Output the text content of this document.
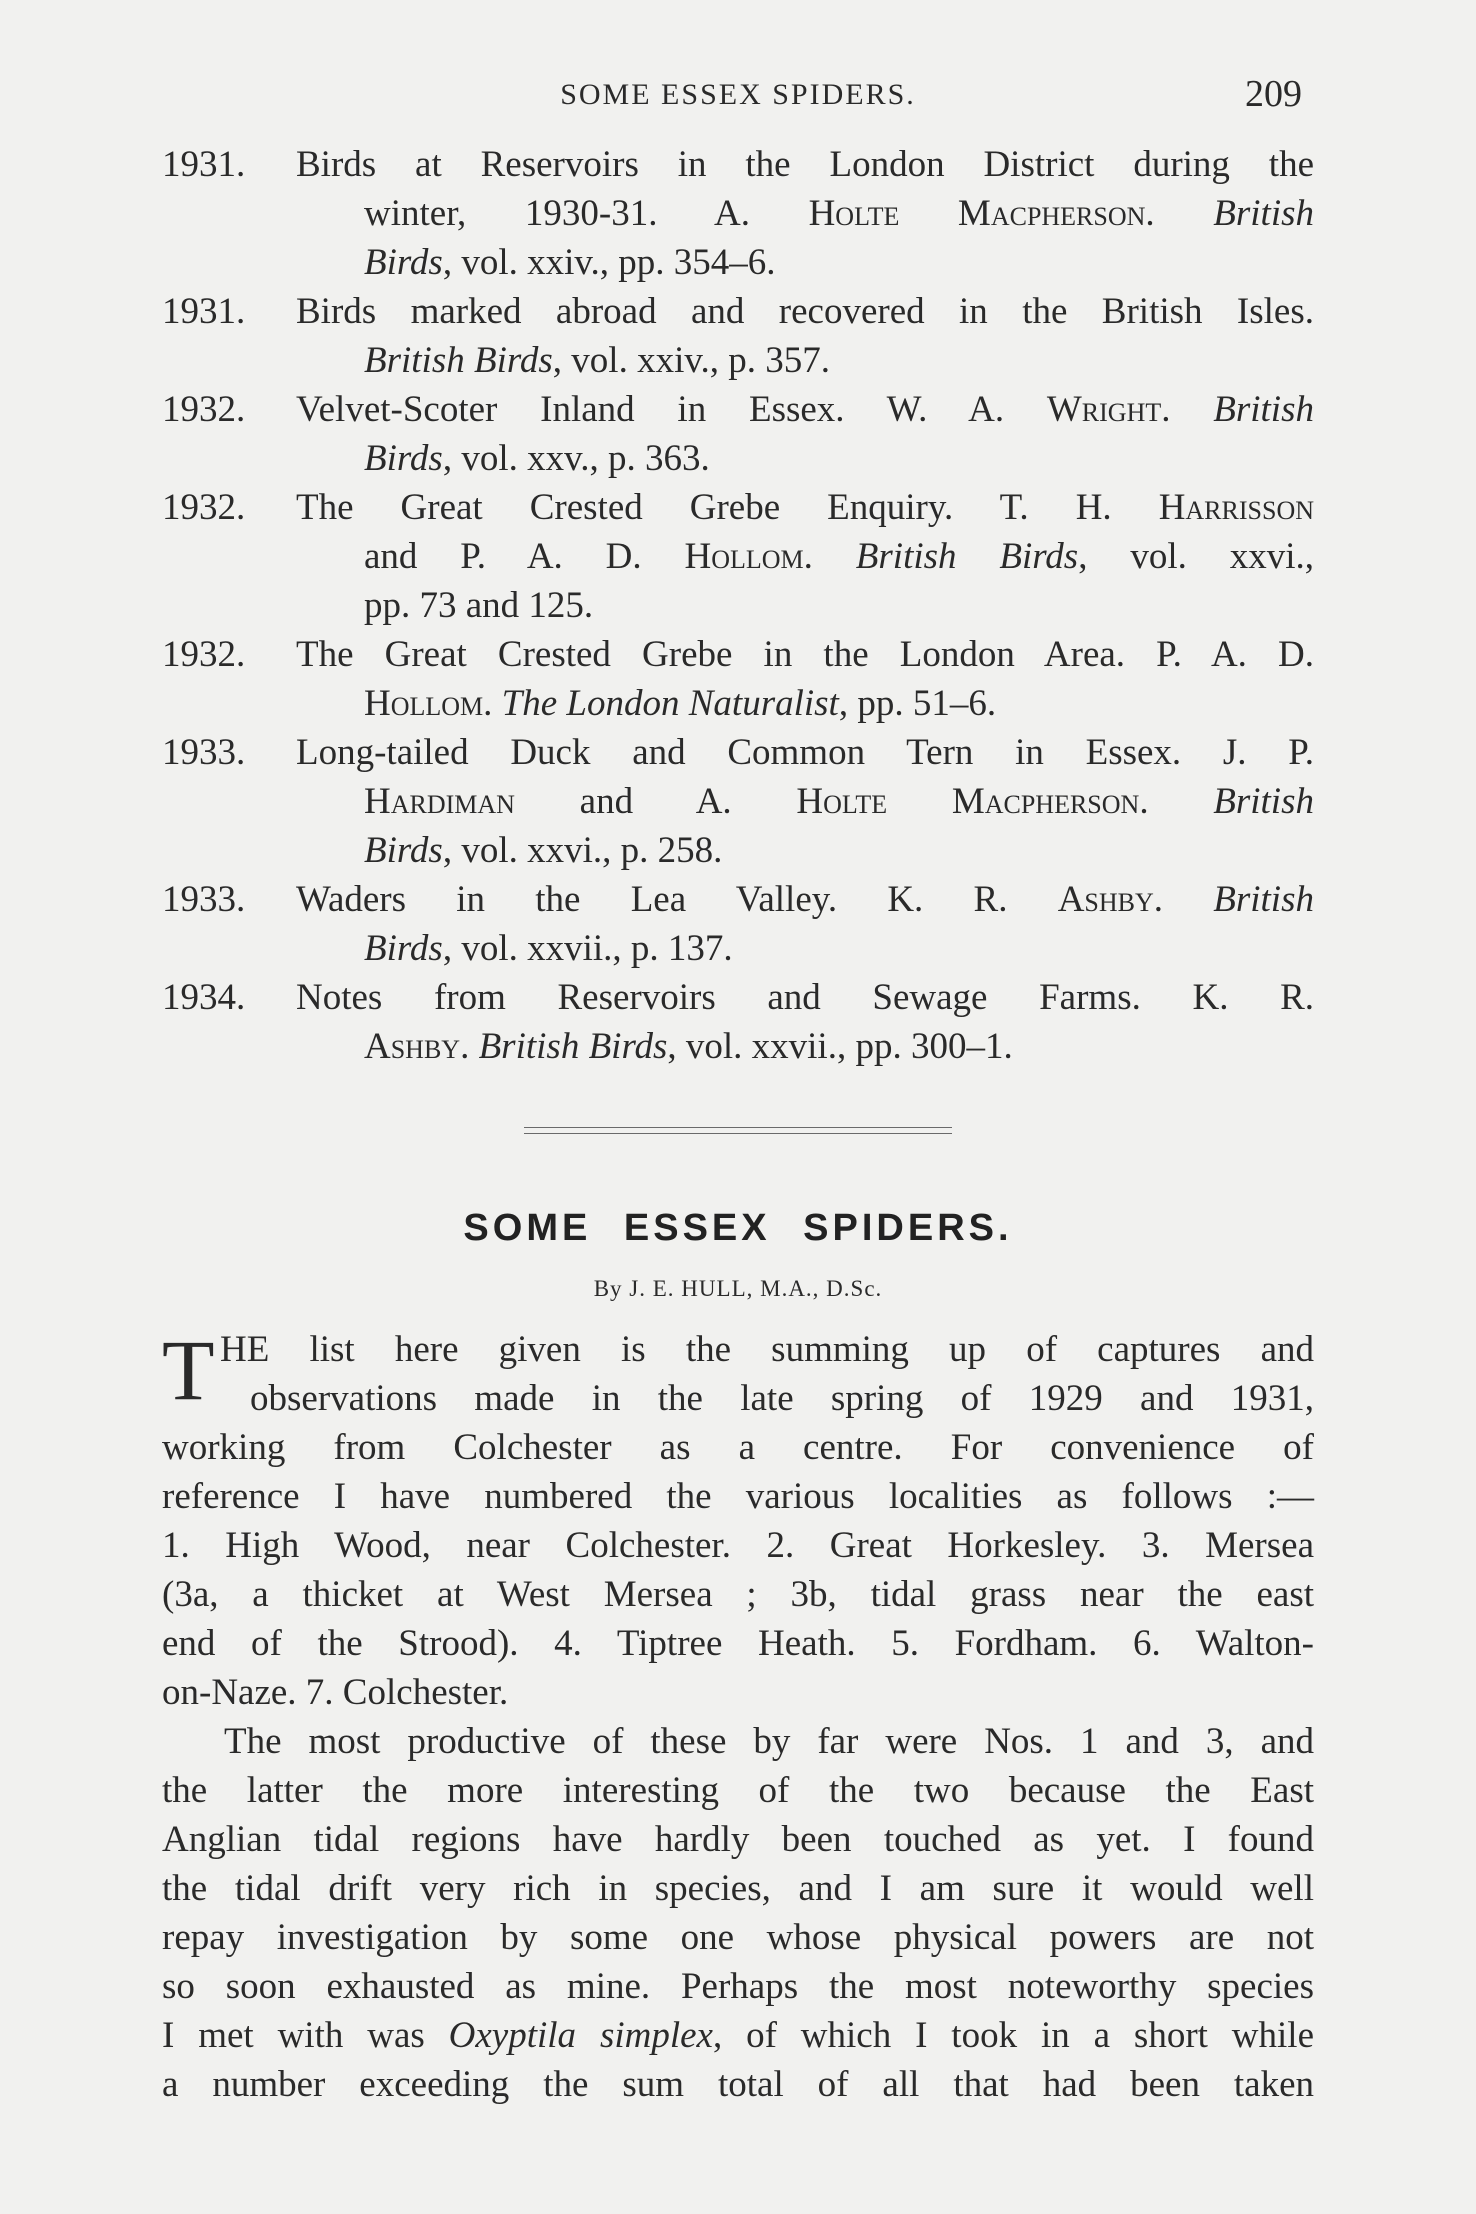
SOME ESSEX SPIDERS.	209
1931. Birds at Reservoirs in the London District during the
winter, 1930-31. A. Holte Macpherson. British
Birds, vol. xxiv., pp. 354–6.
1931. Birds marked abroad and recovered in the British Isles.
British Birds, vol. xxiv., p. 357.
1932. Velvet-Scoter Inland in Essex. W. A. Wright. British
Birds, vol. xxv., p. 363.
1932. The Great Crested Grebe Enquiry. T. H. Harrisson
and P. A. D. Hollom. British Birds, vol. xxvi.,
pp. 73 and 125.
1932. The Great Crested Grebe in the London Area. P. A. D.
Hollom. The London Naturalist, pp. 51–6.
1933. Long-tailed Duck and Common Tern in Essex. J. P.
Hardiman and A. Holte Macpherson. British
Birds, vol. xxvi., p. 258.
1933. Waders in the Lea Valley. K. R. Ashby. British
Birds, vol. xxvii., p. 137.
1934. Notes from Reservoirs and Sewage Farms. K. R.
Ashby. British Birds, vol. xxvii., pp. 300–1.
SOME ESSEX SPIDERS.
By J. E. HULL, M.A., D.Sc.
T HE list here given is the summing up of captures and
observations made in the late spring of 1929 and 1931,
working from Colchester as a centre. For convenience of
reference I have numbered the various localities as follows :—
1. High Wood, near Colchester. 2. Great Horkesley. 3. Mersea
(3a, a thicket at West Mersea ; 3b, tidal grass near the east
end of the Strood). 4. Tiptree Heath. 5. Fordham. 6. Walton-
on-Naze. 7. Colchester.
The most productive of these by far were Nos. 1 and 3, and
the latter the more interesting of the two because the East
Anglian tidal regions have hardly been touched as yet. I found
the tidal drift very rich in species, and I am sure it would well
repay investigation by some one whose physical powers are not
so soon exhausted as mine. Perhaps the most noteworthy species
I met with was Oxyptila simplex, of which I took in a short while
a number exceeding the sum total of all that had been taken
